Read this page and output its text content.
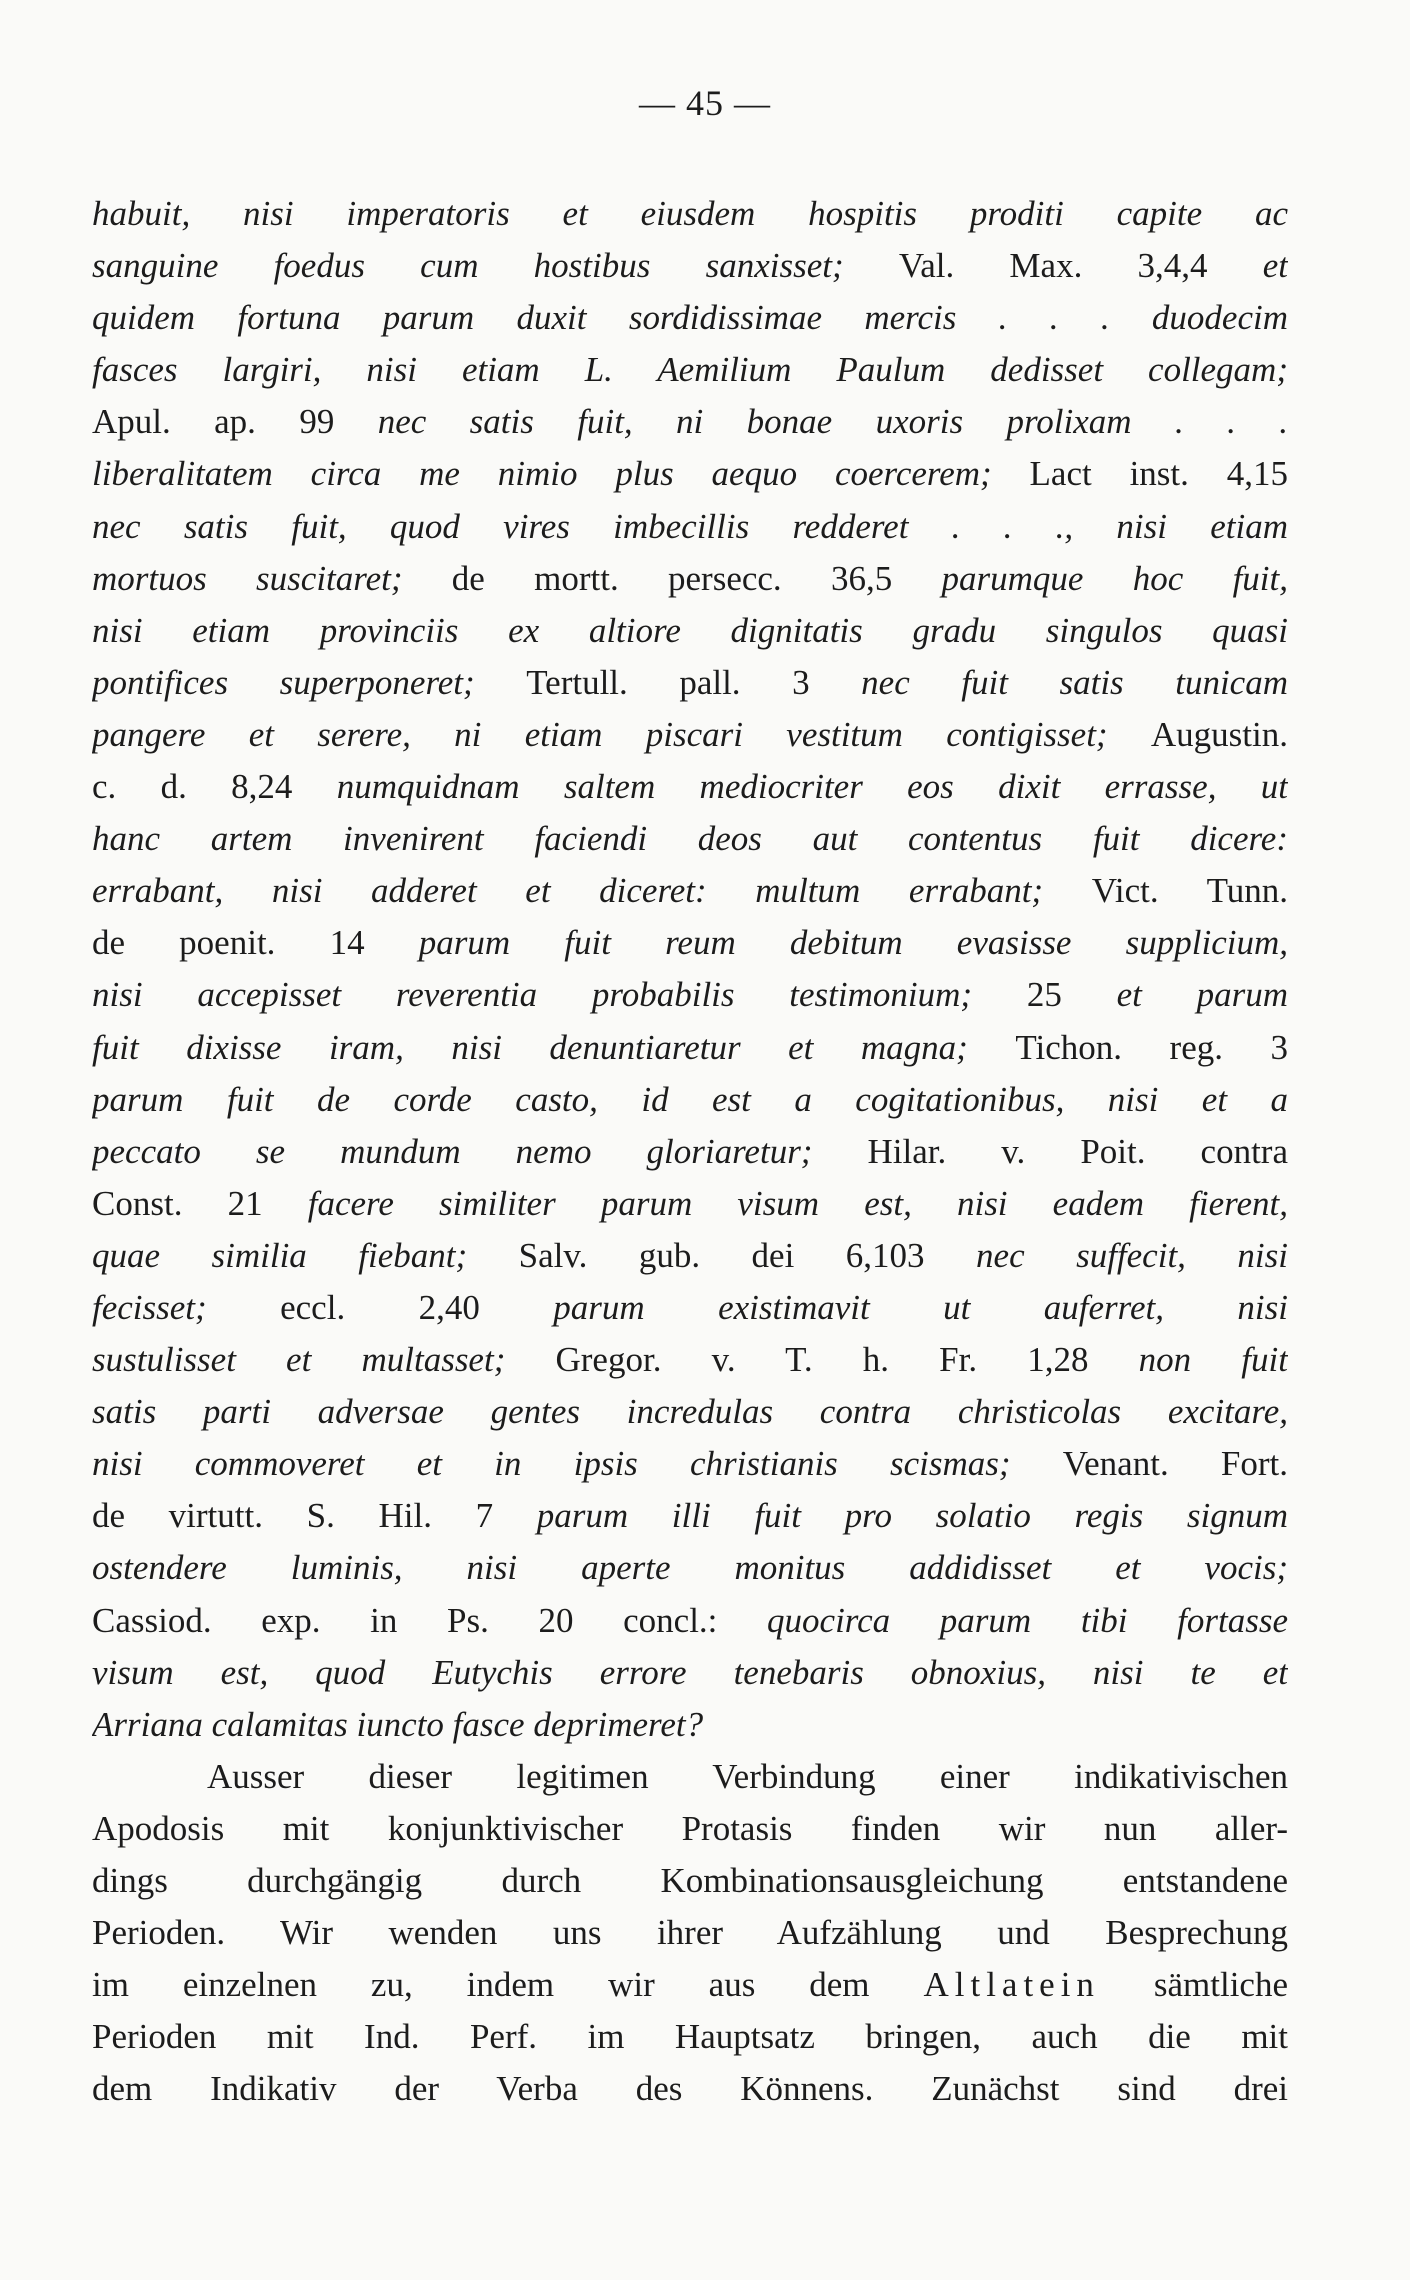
— 45 —
habuit, nisi imperatoris et eiusdem hospitis proditi capite ac
sanguine foedus cum hostibus sanxisset; Val. Max. 3,4,4 et
quidem fortuna parum duxit sordidissimae mercis . . . duodecim
fasces largiri, nisi etiam L. Aemilium Paulum dedisset collegam;
Apul. ap. 99 nec satis fuit, ni bonae uxoris prolixam . . .
liberalitatem circa me nimio plus aequo coercerem; Lact inst. 4,15
nec satis fuit, quod vires imbecillis redderet . . ., nisi etiam
mortuos suscitaret; de mortt. persecc. 36,5 parumque hoc fuit,
nisi etiam provinciis ex altiore dignitatis gradu singulos quasi
pontifices superponeret; Tertull. pall. 3 nec fuit satis tunicam
pangere et serere, ni etiam piscari vestitum contigisset; Augustin.
c. d. 8,24 numquidnam saltem mediocriter eos dixit errasse, ut
hanc artem invenirent faciendi deos aut contentus fuit dicere:
errabant, nisi adderet et diceret: multum errabant; Vict. Tunn.
de poenit. 14 parum fuit reum debitum evasisse supplicium,
nisi accepisset reverentia probabilis testimonium; 25 et parum
fuit dixisse iram, nisi denuntiaretur et magna; Tichon. reg. 3
parum fuit de corde casto, id est a cogitationibus, nisi et a
peccato se mundum nemo gloriaretur; Hilar. v. Poit. contra
Const. 21 facere similiter parum visum est, nisi eadem fierent,
quae similia fiebant; Salv. gub. dei 6,103 nec suffecit, nisi
fecisset; eccl. 2,40 parum existimavit ut auferret, nisi
sustulisset et multasset; Gregor. v. T. h. Fr. 1,28 non fuit
satis parti adversae gentes incredulas contra christicolas excitare,
nisi commoveret et in ipsis christianis scismas; Venant. Fort.
de virtutt. S. Hil. 7 parum illi fuit pro solatio regis signum
ostendere luminis, nisi aperte monitus addidisset et vocis;
Cassiod. exp. in Ps. 20 concl.: quocirca parum tibi fortasse
visum est, quod Eutychis errore tenebaris obnoxius, nisi te et
Arriana calamitas iuncto fasce deprimeret?
Ausser dieser legitimen Verbindung einer indikativischen
Apodosis mit konjunktivischer Protasis finden wir nun aller-
dings durchgängig durch Kombinationsausgleichung entstandene
Perioden. Wir wenden uns ihrer Aufzählung und Besprechung
im einzelnen zu, indem wir aus dem Altlatein sämtliche
Perioden mit Ind. Perf. im Hauptsatz bringen, auch die mit
dem Indikativ der Verba des Könnens. Zunächst sind drei
